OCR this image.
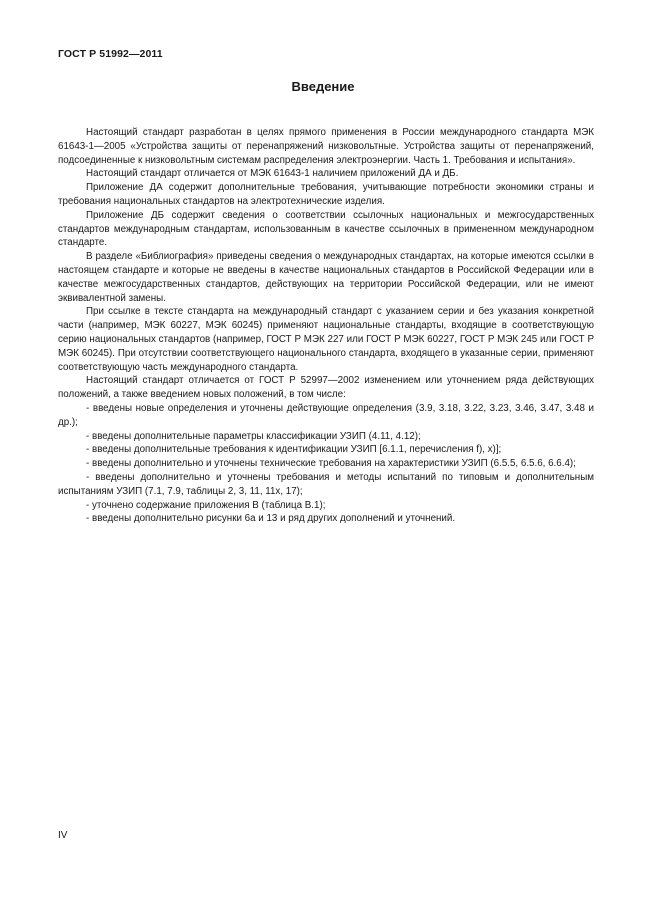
ГОСТ Р 51992—2011
Введение

Настоящий стандарт разработан в целях прямого применения в России международного стандарта МЭК 61643-1—2005 «Устройства защиты от перенапряжений низковольтные. Устройства защиты от перенапряжений, подсоединенные к низковольтным системам распределения электроэнергии. Часть 1. Требования и испытания».

Настоящий стандарт отличается от МЭК 61643-1 наличием приложений ДА и ДБ.

Приложение ДА содержит дополнительные требования, учитывающие потребности экономики страны и требования национальных стандартов на электротехнические изделия.

Приложение ДБ содержит сведения о соответствии ссылочных национальных и межгосударственных стандартов международным стандартам, использованным в качестве ссылочных в примененном международном стандарте.

В разделе «Библиография» приведены сведения о международных стандартах, на которые имеются ссылки в настоящем стандарте и которые не введены в качестве национальных стандартов в Российской Федерации или в качестве межгосударственных стандартов, действующих на территории Российской Федерации, или не имеют эквивалентной замены.

При ссылке в тексте стандарта на международный стандарт с указанием серии и без указания конкретной части (например, МЭК 60227, МЭК 60245) применяют национальные стандарты, входящие в соответствующую серию национальных стандартов (например, ГОСТ Р МЭК 227 или ГОСТ Р МЭК 60227, ГОСТ Р МЭК 245 или ГОСТ Р МЭК 60245). При отсутствии соответствующего национального стандарта, входящего в указанные серии, применяют соответствующую часть международного стандарта.

Настоящий стандарт отличается от ГОСТ Р 52997—2002 изменением или уточнением ряда действующих положений, а также введением новых положений, в том числе:

- введены новые определения и уточнены действующие определения (3.9, 3.18, 3.22, 3.23, 3.46, 3.47, 3.48 и др.);

- введены дополнительные параметры классификации УЗИП (4.11, 4.12);

- введены дополнительные требования к идентификации УЗИП [6.1.1, перечисления f), x)];

- введены дополнительно и уточнены технические требования на характеристики УЗИП (6.5.5, 6.5.6, 6.6.4);

- введены дополнительно и уточнены требования и методы испытаний по типовым и дополнительным испытаниям УЗИП (7.1, 7.9, таблицы 2, 3, 11, 11х, 17);

- уточнено содержание приложения В (таблица В.1);

- введены дополнительно рисунки 6а и 13 и ряд других дополнений и уточнений.

IV
